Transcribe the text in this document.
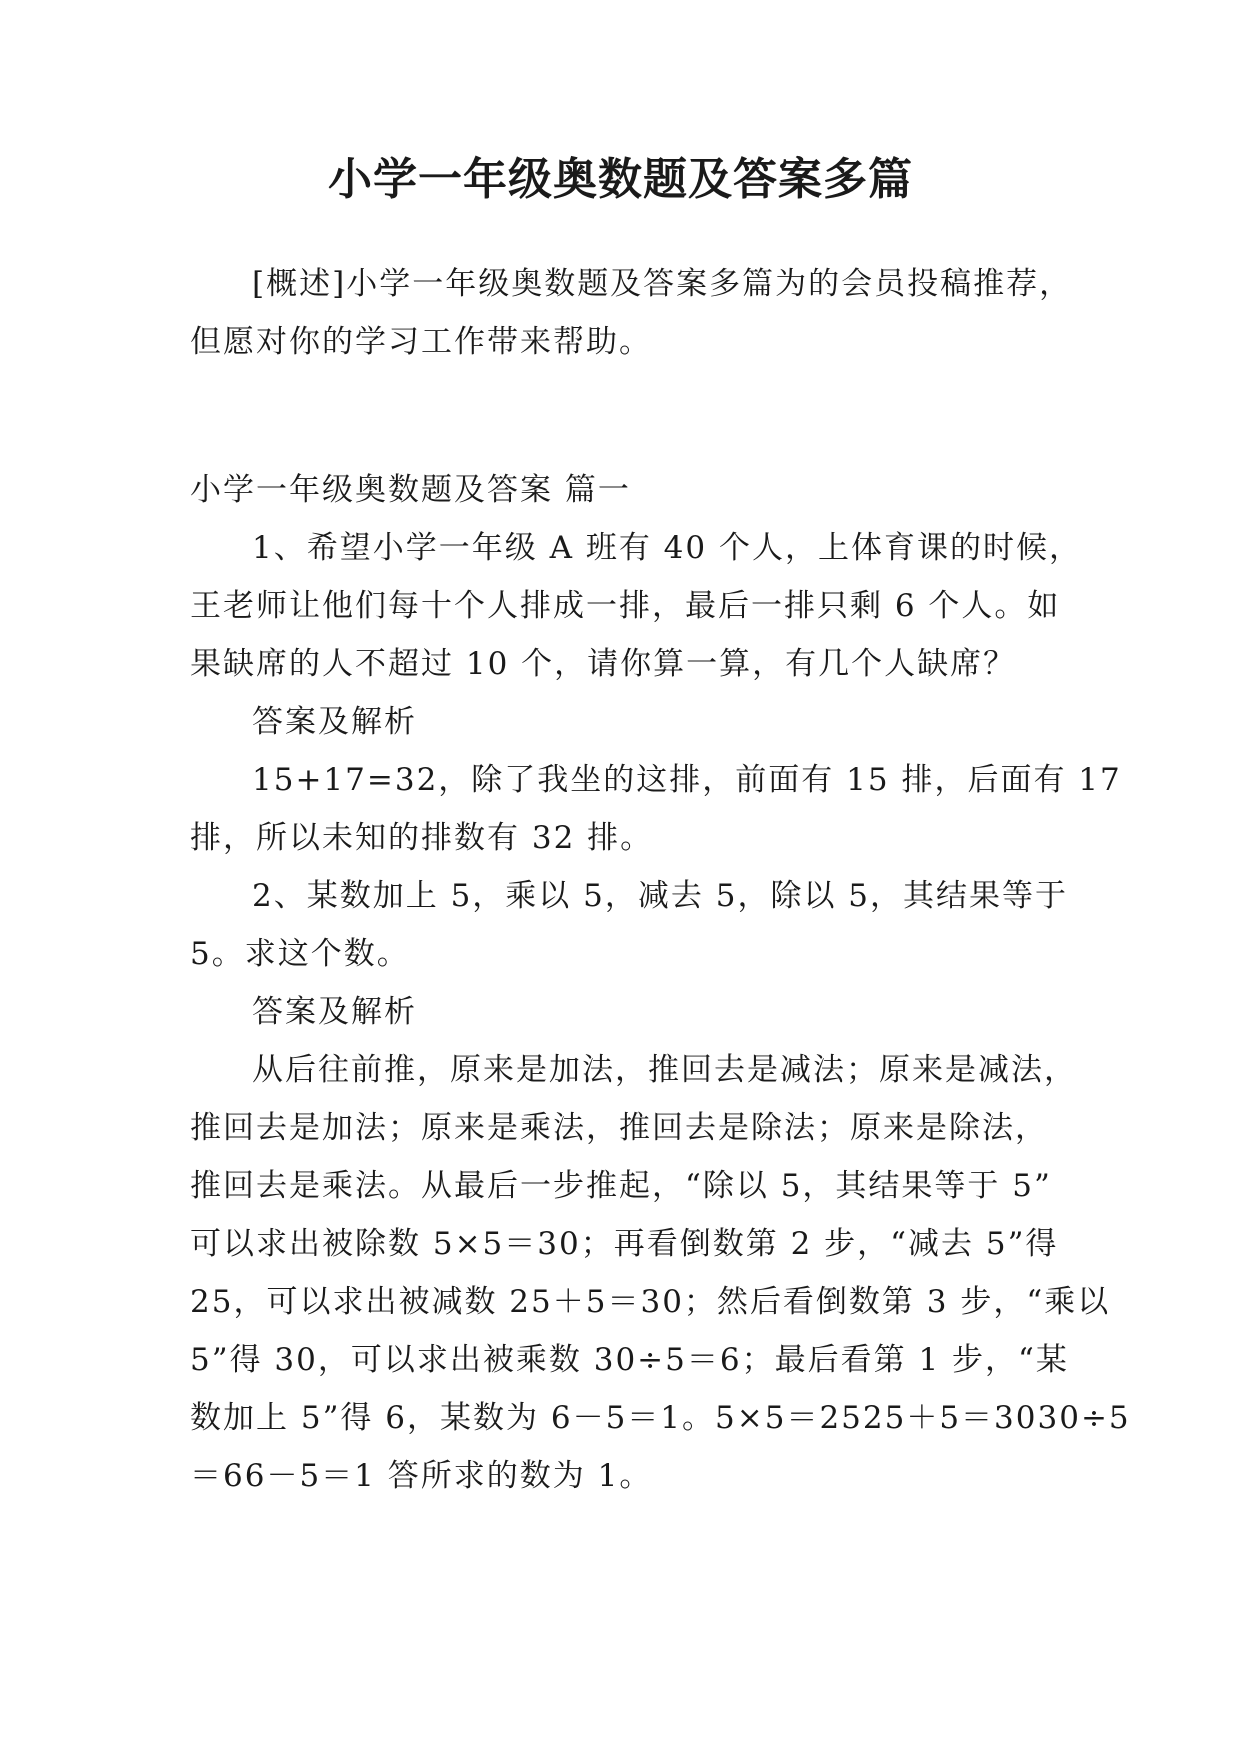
小学一年级奥数题及答案多篇
[概述]小学一年级奥数题及答案多篇为的会员投稿推荐，
但愿对你的学习工作带来帮助。
小学一年级奥数题及答案 篇一
1、希望小学一年级 A 班有 40 个人，上体育课的时候，
王老师让他们每十个人排成一排，最后一排只剩 6 个人。如
果缺席的人不超过 10 个，请你算一算，有几个人缺席？
答案及解析
15+17=32，除了我坐的这排，前面有 15 排，后面有 17
排，所以未知的排数有 32 排。
2、某数加上 5，乘以 5，减去 5，除以 5，其结果等于
5。求这个数。
答案及解析
从后往前推，原来是加法，推回去是减法；原来是减法，
推回去是加法；原来是乘法，推回去是除法；原来是除法，
推回去是乘法。从最后一步推起，“除以 5，其结果等于 5”
可以求出被除数 5×5＝30；再看倒数第 2 步，“减去 5”得
25，可以求出被减数 25＋5＝30；然后看倒数第 3 步，“乘以
5”得 30，可以求出被乘数 30÷5＝6；最后看第 1 步，“某
数加上 5”得 6，某数为 6－5＝1。5×5＝2525＋5＝3030÷5
＝66－5＝1 答所求的数为 1。
